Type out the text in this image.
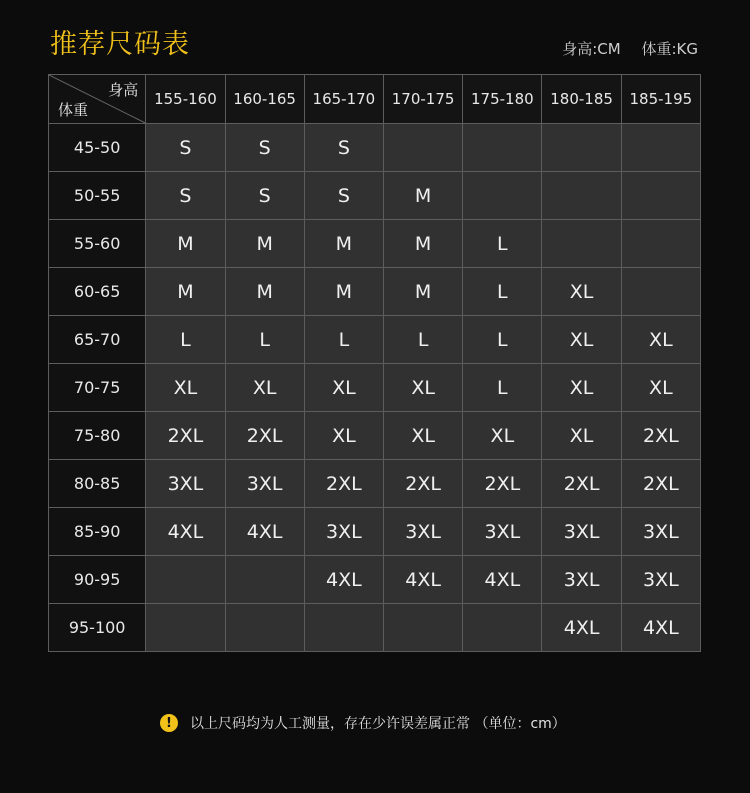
推荐尺码表	身高:CM 体重:KG
身高
体重	155-160	160-165	165-170	170-175	175-180	180-185	185-195
45-50	S	S	S				
50-55	S	S	S	M			
55-60	M	M	M	M	L		
60-65	M	M	M	M	L	XL	
65-70	L	L	L	L	L	XL	XL
70-75	XL	XL	XL	XL	L	XL	XL
75-80	2XL	2XL	XL	XL	XL	XL	2XL
80-85	3XL	3XL	2XL	2XL	2XL	2XL	2XL
85-90	4XL	4XL	3XL	3XL	3XL	3XL	3XL
90-95			4XL	4XL	4XL	3XL	3XL
95-100						4XL	4XL
!	以上尺码均为人工测量，存在少许误差属正常 （单位：cm）
